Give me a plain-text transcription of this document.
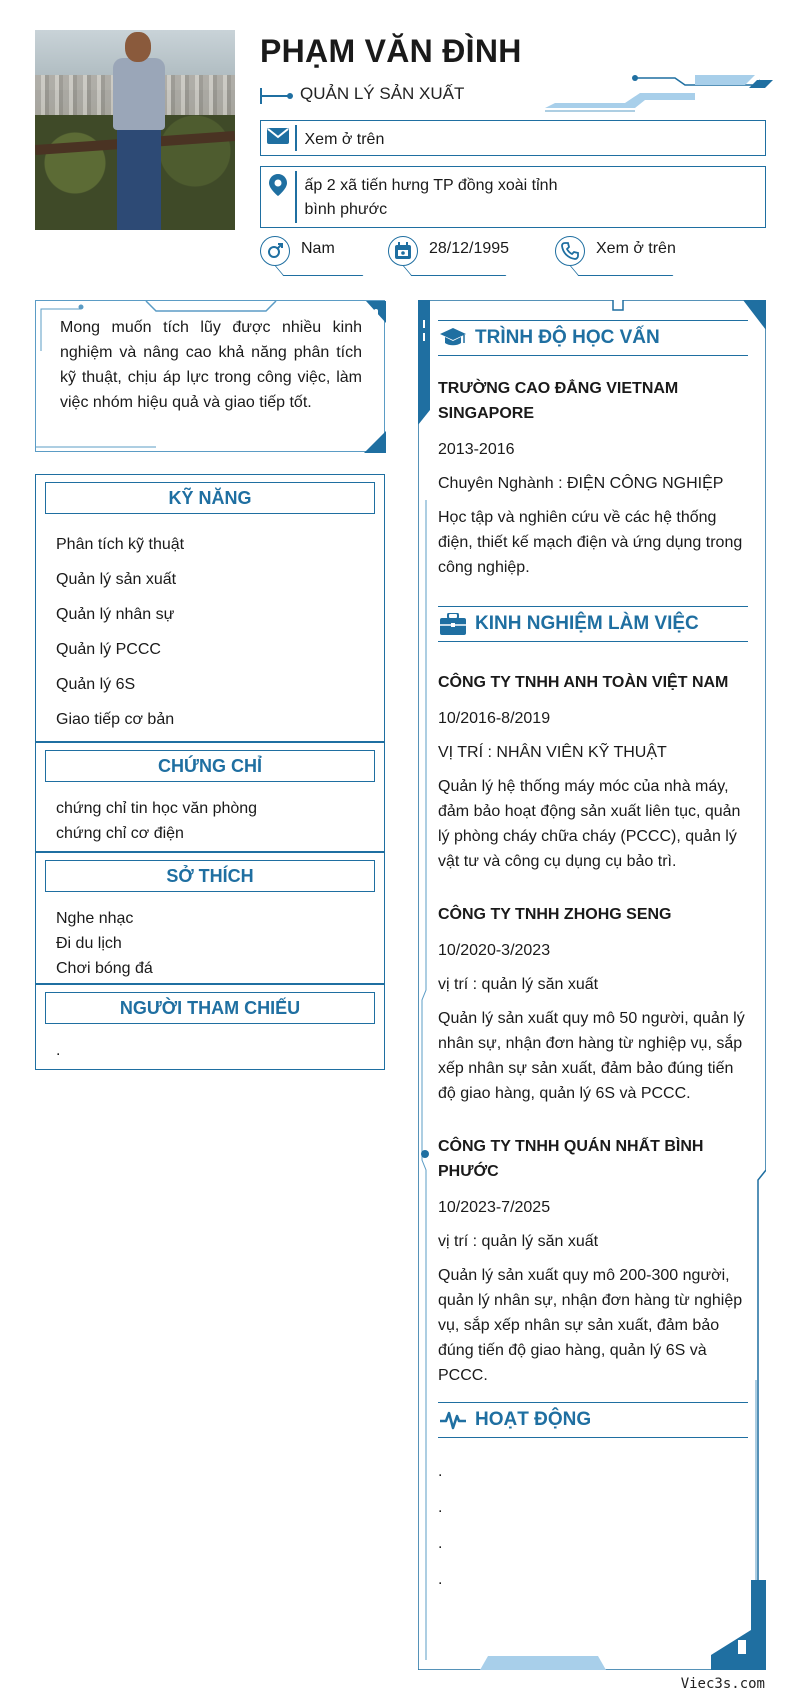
PHẠM VĂN ĐÌNH
QUẢN LÝ SẢN XUẤT
Xem ở trên
ấp 2 xã tiến hưng TP đồng xoài tỉnh bình phước
Nam	28/12/1995	Xem ở trên
Mong muốn tích lũy được nhiều kinh nghiệm và nâng cao khả năng phân tích kỹ thuật, chịu áp lực trong công việc, làm việc nhóm hiệu quả và giao tiếp tốt.
KỸ NĂNG
Phân tích kỹ thuật
Quản lý sản xuất
Quản lý nhân sự
Quản lý PCCC
Quản lý 6S
Giao tiếp cơ bản
CHỨNG CHỈ
chứng chỉ tin học văn phòng
chứng chỉ cơ điện
SỞ THÍCH
Nghe nhạc
Đi du lịch
Chơi bóng đá
NGƯỜI THAM CHIẾU
.
TRÌNH ĐỘ HỌC VẤN
TRƯỜNG CAO ĐẲNG VIETNAM SINGAPORE
2013-2016
Chuyên Nghành : ĐIỆN CÔNG NGHIỆP
Học tập và nghiên cứu về các hệ thống điện, thiết kế mạch điện và ứng dụng trong công nghiệp.
KINH NGHIỆM LÀM VIỆC
CÔNG TY TNHH ANH TOÀN VIỆT NAM
10/2016-8/2019
VỊ TRÍ : NHÂN VIÊN KỸ THUẬT
Quản lý hệ thống máy móc của nhà máy, đảm bảo hoạt động sản xuất liên tục, quản lý phòng cháy chữa cháy (PCCC), quản lý vật tư và công cụ dụng cụ bảo trì.
CÔNG TY TNHH ZHOHG SENG
10/2020-3/2023
vị trí : quản lý săn xuất
Quản lý sản xuất quy mô 50 người, quản lý nhân sự, nhận đơn hàng từ nghiệp vụ, sắp xếp nhân sự sản xuất, đảm bảo đúng tiến độ giao hàng, quản lý 6S và PCCC.
CÔNG TY TNHH QUÁN NHẤT BÌNH PHƯỚC
10/2023-7/2025
vị trí : quản lý săn xuất
Quản lý sản xuất quy mô 200-300 người, quản lý nhân sự, nhận đơn hàng từ nghiệp vụ, sắp xếp nhân sự sản xuất, đảm bảo đúng tiến độ giao hàng, quản lý 6S và PCCC.
HOẠT ĐỘNG
.
.
.
.
Viec3s.com
